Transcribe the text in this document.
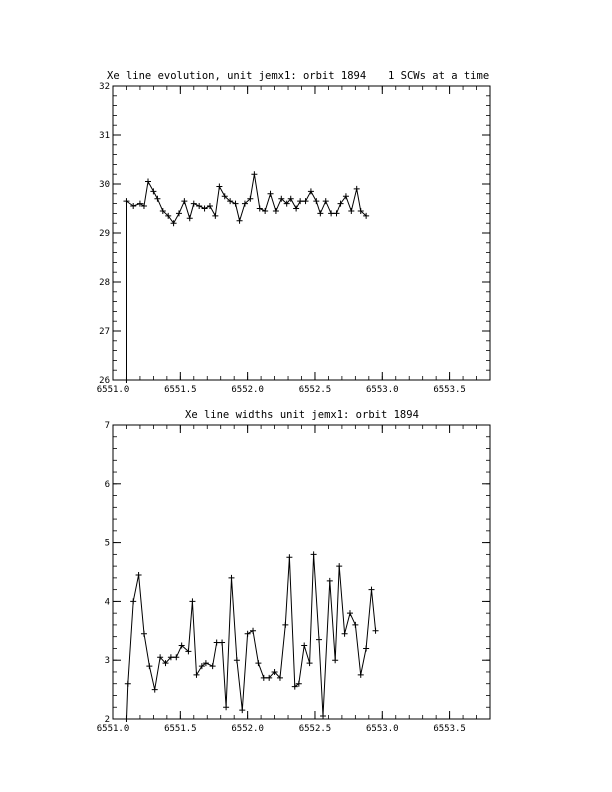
Xe line evolution, unit jemx1: orbit 1894 1 SCWs at a time
Xe line widths unit jemx1: orbit 1894
6551.0	6551.5	6552.0	6552.5	6553.0	6553.5
26
27
28
29
30
31
32
6551.0	6551.5	6552.0	6552.5	6553.0	6553.5
2
3
4
5
6
7
